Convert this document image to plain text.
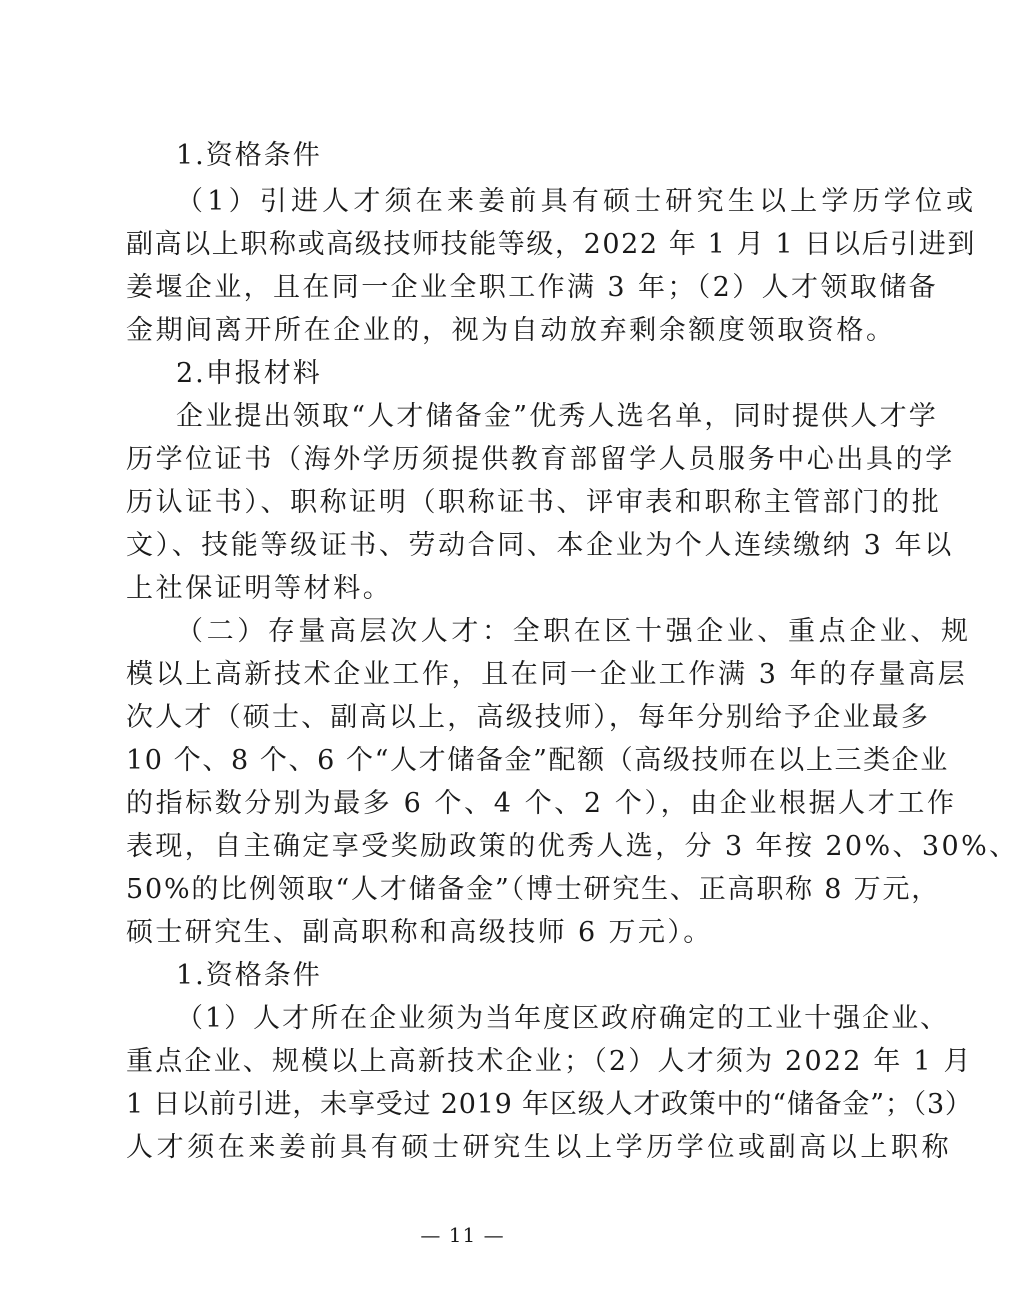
1.资格条件
（1）引进人才须在来姜前具有硕士研究生以上学历学位或
副高以上职称或高级技师技能等级，2022 年 1 月 1 日以后引进到
姜堰企业，且在同一企业全职工作满 3 年；（2）人才领取储备
金期间离开所在企业的，视为自动放弃剩余额度领取资格。
2.申报材料
企业提出领取“人才储备金”优秀人选名单，同时提供人才学
历学位证书（海外学历须提供教育部留学人员服务中心出具的学
历认证书）、职称证明（职称证书、评审表和职称主管部门的批
文）、技能等级证书、劳动合同、本企业为个人连续缴纳 3 年以
上社保证明等材料。
（二）存量高层次人才：全职在区十强企业、重点企业、规
模以上高新技术企业工作，且在同一企业工作满 3 年的存量高层
次人才（硕士、副高以上，高级技师），每年分别给予企业最多
10 个、8 个、6 个“人才储备金”配额（高级技师在以上三类企业
的指标数分别为最多 6 个、4 个、2 个），由企业根据人才工作
表现，自主确定享受奖励政策的优秀人选，分 3 年按 20%、30%、
50%的比例领取“人才储备金”（博士研究生、正高职称 8 万元，
硕士研究生、副高职称和高级技师 6 万元）。
1.资格条件
（1）人才所在企业须为当年度区政府确定的工业十强企业、
重点企业、规模以上高新技术企业；（2）人才须为 2022 年 1 月
1 日以前引进，未享受过 2019 年区级人才政策中的“储备金”；（3）
人才须在来姜前具有硕士研究生以上学历学位或副高以上职称
— 11 —
